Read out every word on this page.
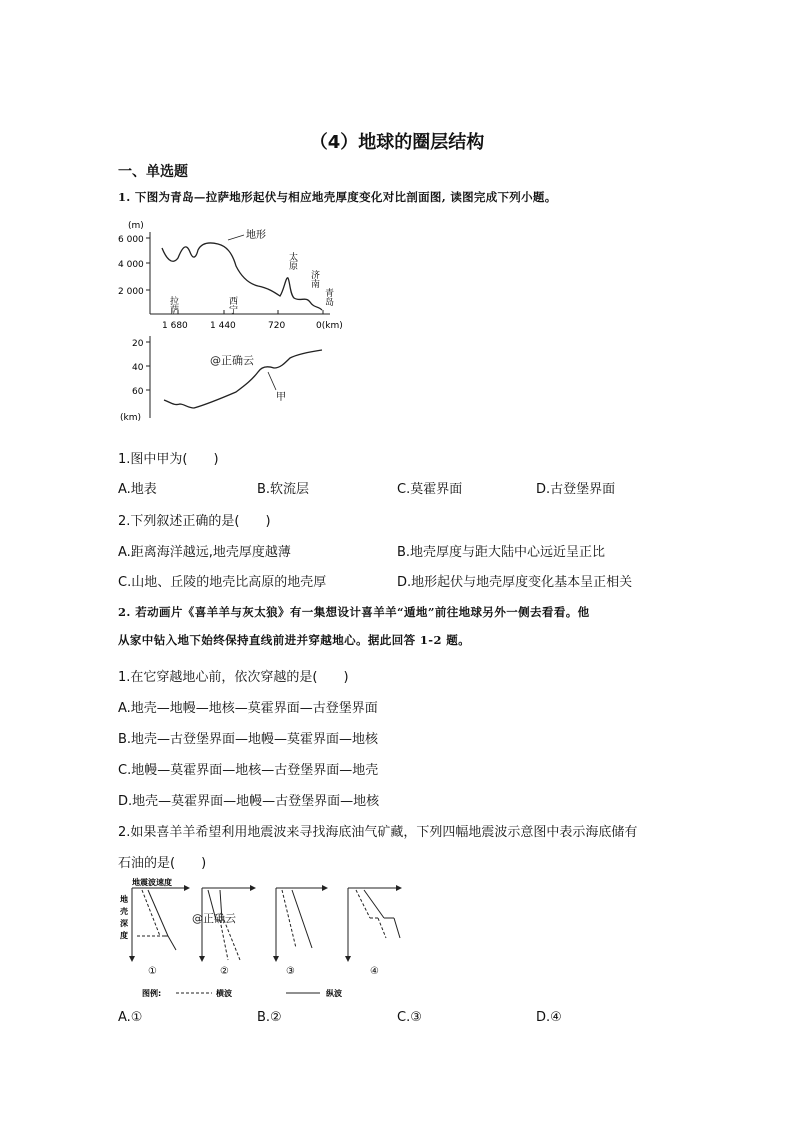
（4）地球的圈层结构
一、单选题
1. 下图为青岛—拉萨地形起伏与相应地壳厚度变化对比剖面图, 读图完成下列小题。
(m)
6 000
4 000
2 000
地形
拉萨	西宁
太原
济南
青岛
1 680 1 440	720	0(km)
20
40
60
(km)
甲
@正确云
1.图中甲为(　　)
A.地表	B.软流层	C.莫霍界面	D.古登堡界面
2.下列叙述正确的是(　　)
A.距离海洋越远,地壳厚度越薄	B.地壳厚度与距大陆中心远近呈正比
C.山地、丘陵的地壳比高原的地壳厚	D.地形起伏与地壳厚度变化基本呈正相关
2. 若动画片《喜羊羊与灰太狼》有一集想设计喜羊羊“遁地”前往地球另外一侧去看看。他
从家中钻入地下始终保持直线前进并穿越地心。据此回答 1-2 题。
1.在它穿越地心前，依次穿越的是(　　)
A.地壳—地幔—地核—莫霍界面—古登堡界面
B.地壳—古登堡界面—地幔—莫霍界面—地核
C.地幔—莫霍界面—地核—古登堡界面—地壳
D.地壳—莫霍界面—地幔—古登堡界面—地核
2.如果喜羊羊希望利用地震波来寻找海底油气矿藏，下列四幅地震波示意图中表示海底储有
石油的是(　　)
地震波速度
地
壳
深
度
①	②
@正确云
③	④
图例:	横波	纵波
A.①	B.②	C.③	D.④
